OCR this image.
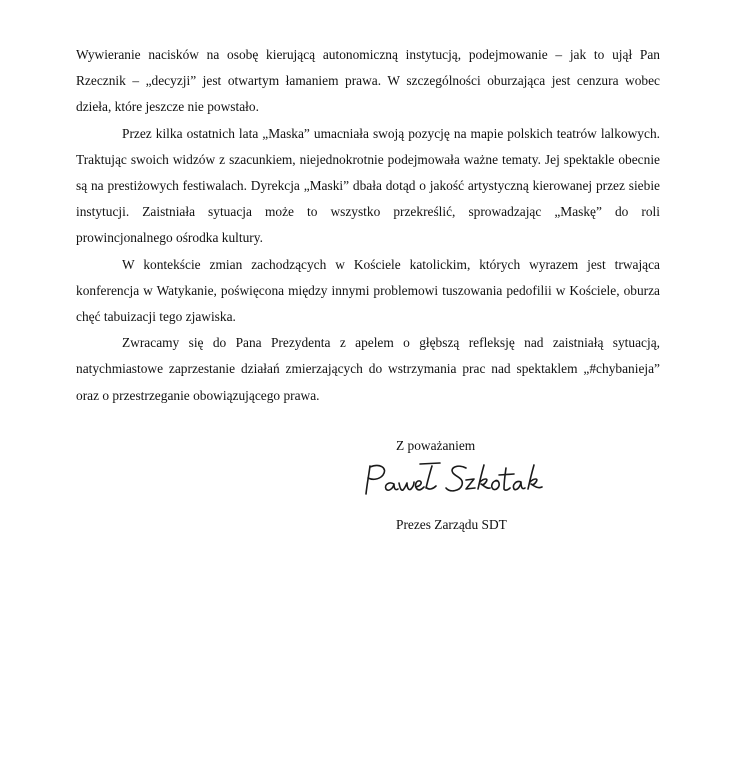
Wywieranie nacisków na osobę kierującą autonomiczną instytucją, podejmowanie – jak to ujął Pan Rzecznik – „decyzji” jest otwartym łamaniem prawa. W szczególności oburzająca jest cenzura wobec dzieła, które jeszcze nie powstało.

Przez kilka ostatnich lata „Maska” umacniała swoją pozycję na mapie polskich teatrów lalkowych. Traktując swoich widzów z szacunkiem, niejednokrotnie podejmowała ważne tematy. Jej spektakle obecnie są na prestiżowych festiwalach. Dyrekcja „Maski” dbała dotąd o jakość artystyczną kierowanej przez siebie instytucji. Zaistniała sytuacja może to wszystko przekreślić, sprowadzając „Maskę” do roli prowincjonalnego ośrodka kultury.

W kontekście zmian zachodzących w Kościele katolickim, których wyrazem jest trwająca konferencja w Watykanie, poświęcona między innymi problemowi tuszowania pedofilii w Kościele, oburza chęć tabuizacji tego zjawiska.

Zwracamy się do Pana Prezydenta z apelem o głębszą refleksję nad zaistniałą sytuacją, natychmiastowe zaprzestanie działań zmierzających do wstrzymania prac nad spektaklem „#chybanieja” oraz o przestrzeganie obowiązującego prawa.

Z poważaniem
Prezes Zarządu SDT
